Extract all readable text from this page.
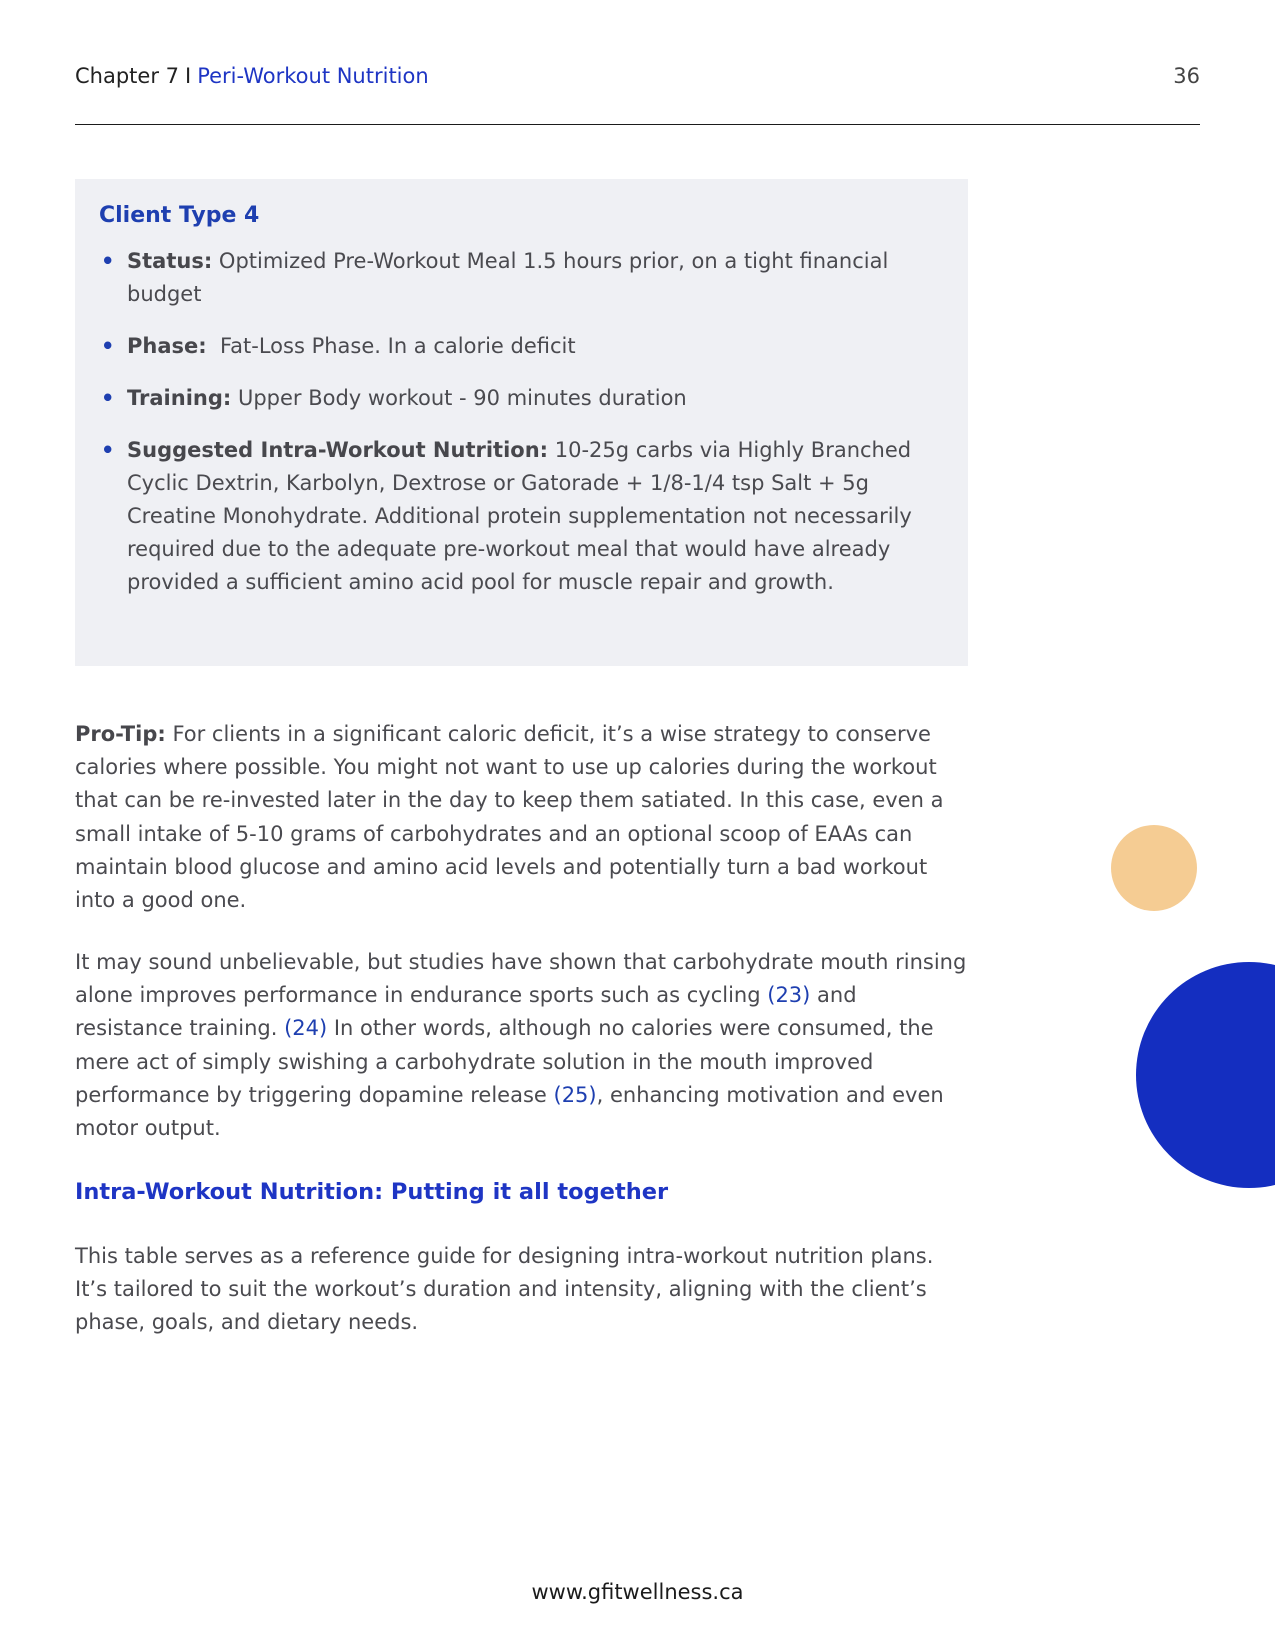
Chapter 7 I Peri-Workout Nutrition	36
Client Type 4
• Status: Optimized Pre-Workout Meal 1.5 hours prior, on a tight financial budget
• Phase:  Fat-Loss Phase. In a calorie deficit
• Training: Upper Body workout - 90 minutes duration
• Suggested Intra-Workout Nutrition: 10-25g carbs via Highly Branched Cyclic Dextrin, Karbolyn, Dextrose or Gatorade + 1/8-1/4 tsp Salt + 5g Creatine Monohydrate. Additional protein supplementation not necessarily required due to the adequate pre-workout meal that would have already provided a sufficient amino acid pool for muscle repair and growth.

Pro-Tip: For clients in a significant caloric deficit, it’s a wise strategy to conserve calories where possible. You might not want to use up calories during the workout that can be re-invested later in the day to keep them satiated. In this case, even a small intake of 5-10 grams of carbohydrates and an optional scoop of EAAs can maintain blood glucose and amino acid levels and potentially turn a bad workout into a good one.

It may sound unbelievable, but studies have shown that carbohydrate mouth rinsing alone improves performance in endurance sports such as cycling (23) and resistance training. (24) In other words, although no calories were consumed, the mere act of simply swishing a carbohydrate solution in the mouth improved performance by triggering dopamine release (25), enhancing motivation and even motor output.

Intra-Workout Nutrition: Putting it all together

This table serves as a reference guide for designing intra-workout nutrition plans. It’s tailored to suit the workout’s duration and intensity, aligning with the client’s phase, goals, and dietary needs.

www.gfitwellness.ca
